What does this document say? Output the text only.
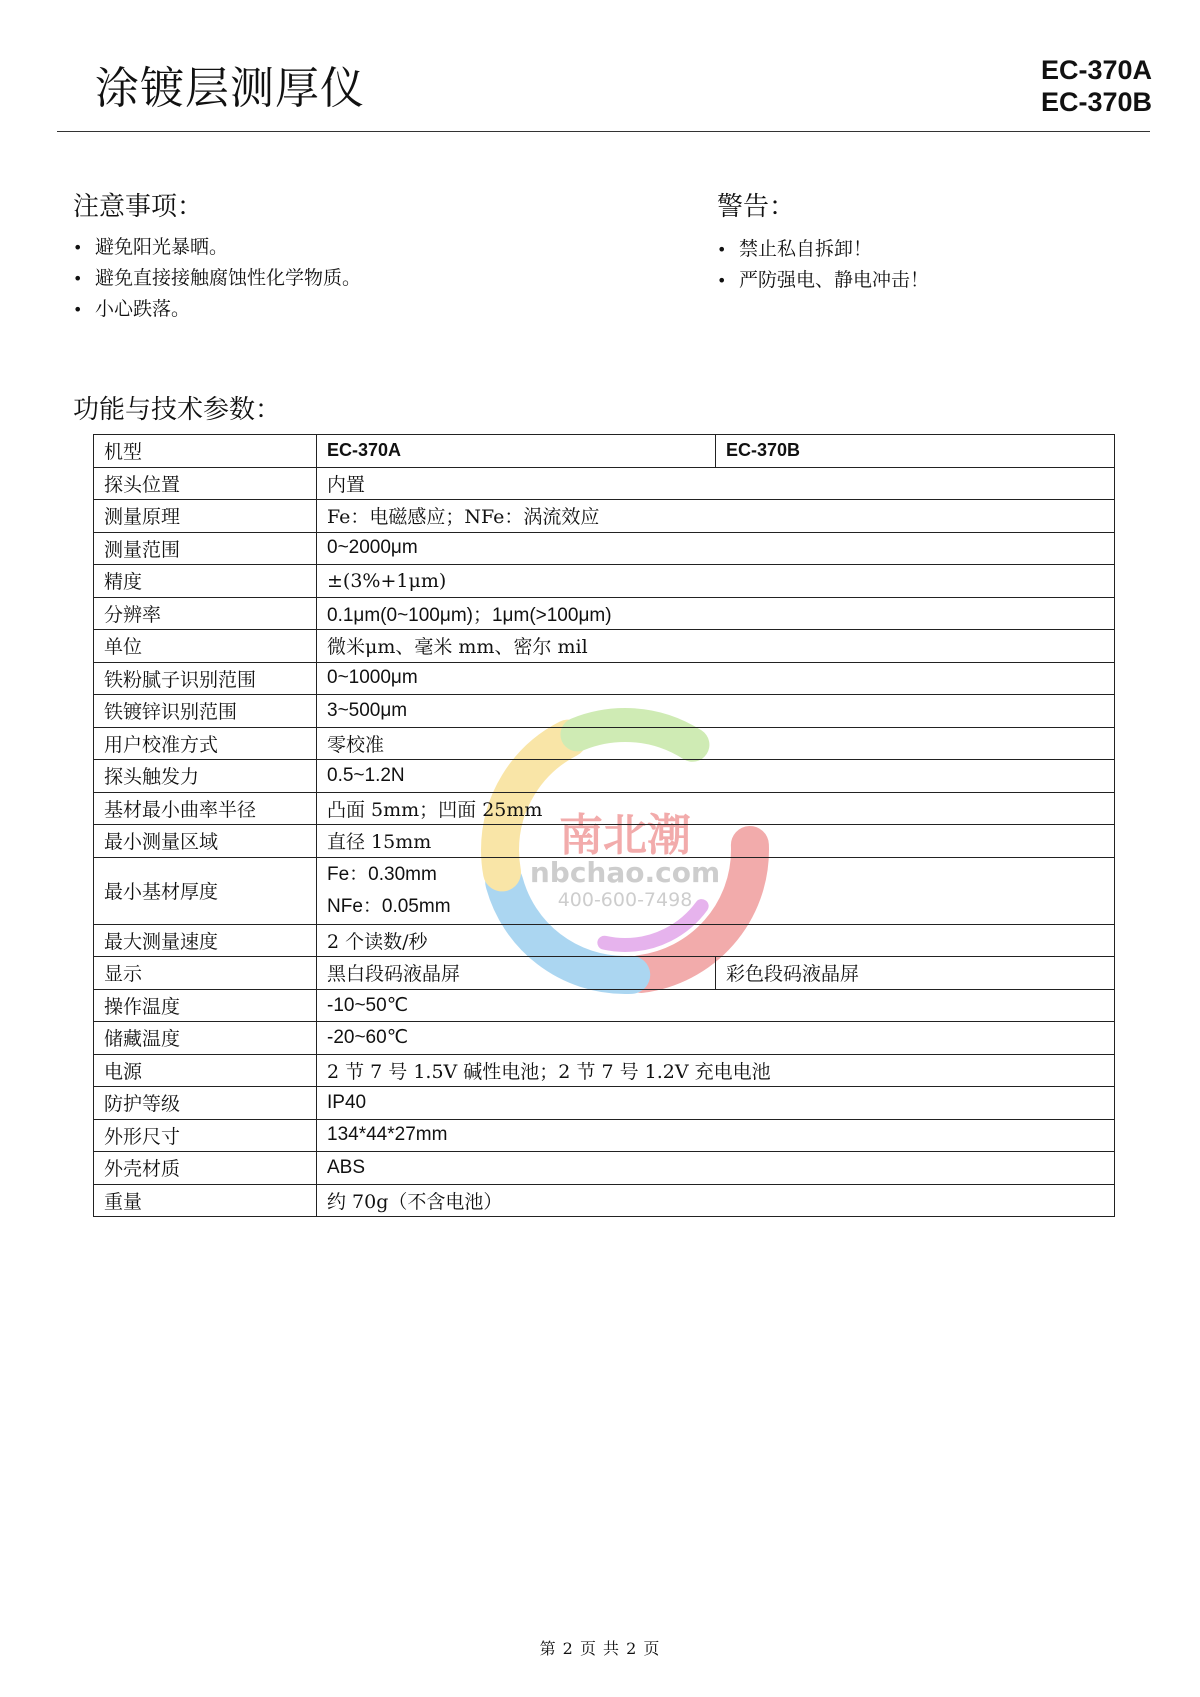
涂镀层测厚仪	EC-370A
EC-370B
注意事项：
• 避免阳光暴晒。
• 避免直接接触腐蚀性化学物质。
• 小心跌落。
警告：
• 禁止私自拆卸！
• 严防强电、静电冲击！
功能与技术参数：
南北潮
nbchao.com
400-600-7498
机型	EC-370A	EC-370B
探头位置	内置	
测量原理	Fe：电磁感应；NFe：涡流效应	
测量范围	0~2000μm	
精度	±(3%+1μm)	
分辨率	0.1μm(0~100μm)；1μm(>100μm)	
单位	微米μm、毫米 mm、密尔 mil	
铁粉腻子识别范围	0~1000μm	
铁镀锌识别范围	3~500μm	
用户校准方式	零校准	
探头触发力	0.5~1.2N	
基材最小曲率半径	凸面 5mm；凹面 25mm	
最小测量区域	直径 15mm	
最小基材厚度	Fe：0.30mm
NFe：0.05mm	

最大测量速度	2 个读数/秒	
显示	黑白段码液晶屏	彩色段码液晶屏
操作温度	-10~50℃	
储藏温度	-20~60℃	
电源	2 节 7 号 1.5V 碱性电池；2 节 7 号 1.2V 充电电池	
防护等级	IP40	
外形尺寸	134*44*27mm	
外壳材质	ABS	
重量	约 70g（不含电池）	
第 2 页 共 2 页
